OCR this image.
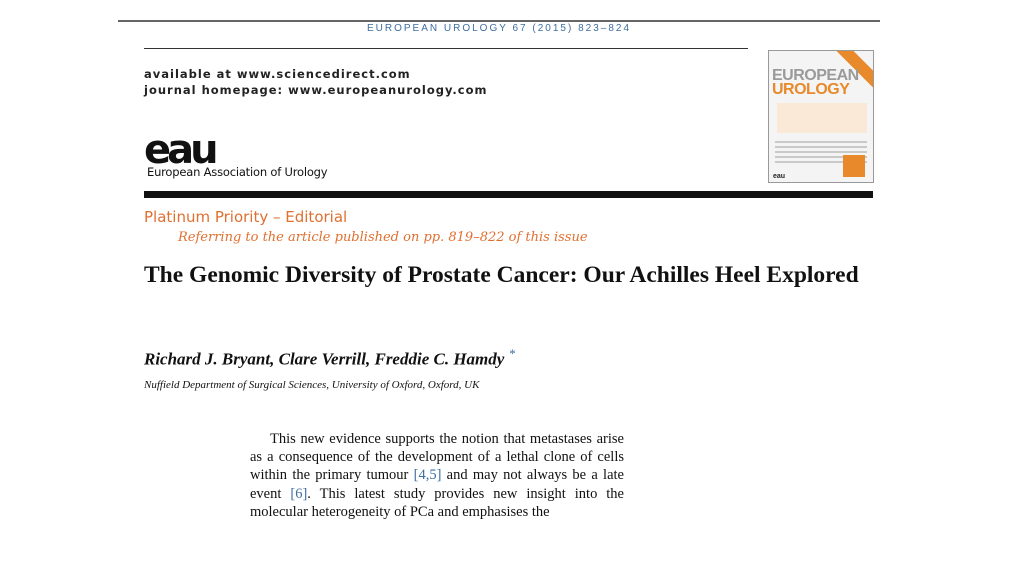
EUROPEAN UROLOGY 67 (2015) 823–824
available at www.sciencedirect.com
journal homepage: www.europeanurology.com
eau
European Association of Urology
EUROPEAN
UROLOGY
eau
Platinum Priority – Editorial
Referring to the article published on pp. 819–822 of this issue
The Genomic Diversity of Prostate Cancer: Our Achilles Heel Explored
Richard J. Bryant, Clare Verrill, Freddie C. Hamdy *
Nuffield Department of Surgical Sciences, University of Oxford, Oxford, UK

This new evidence supports the notion that metastases arise as a consequence of the development of a lethal clone of cells within the primary tumour [4,5] and may not always be a late event [6]. This latest study provides new insight into the molecular heterogeneity of PCa and emphasises the
